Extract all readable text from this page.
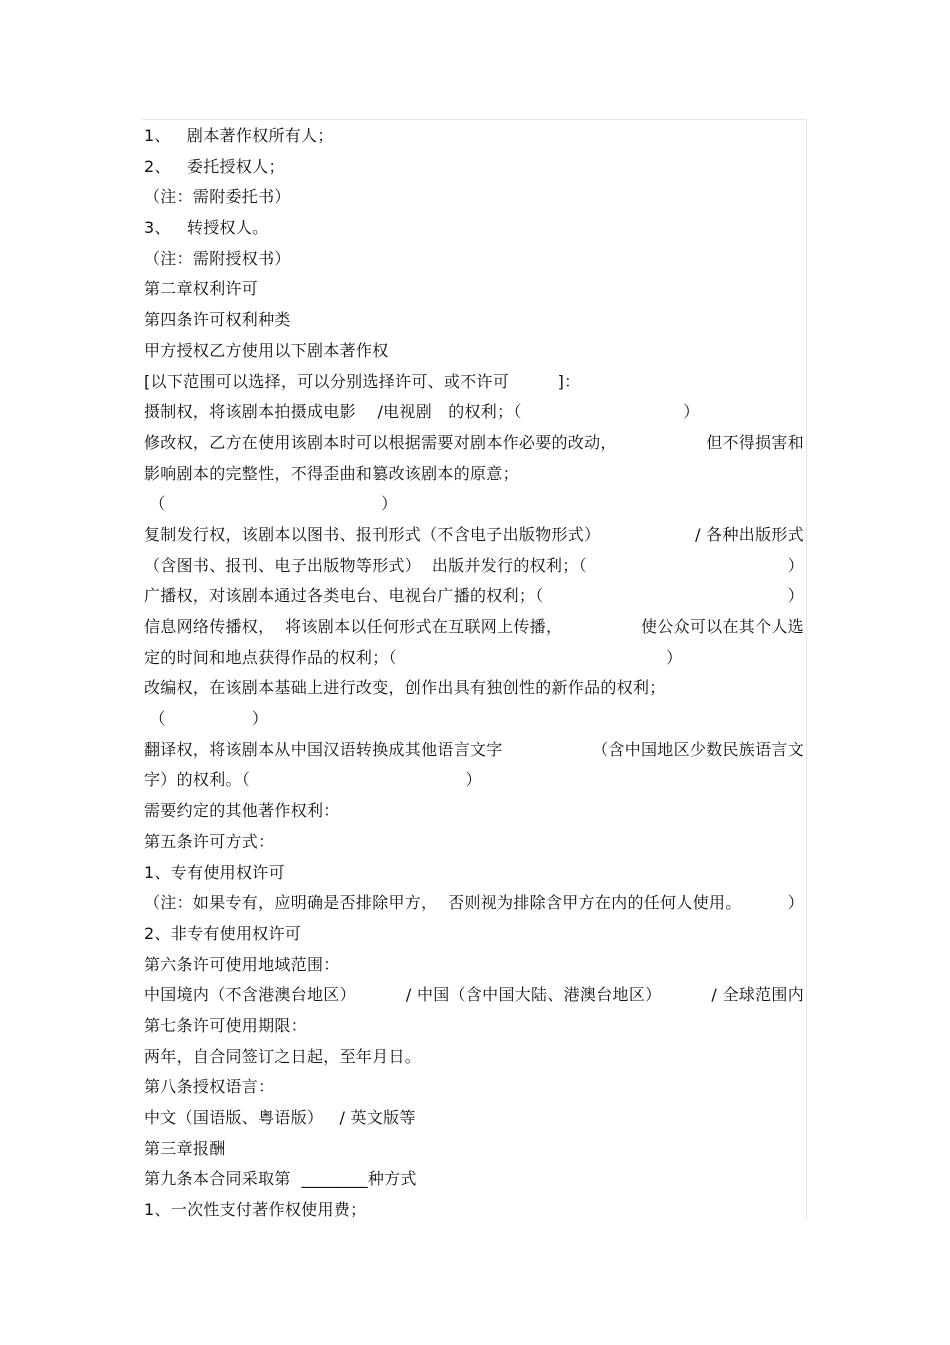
1、   剧本著作权所有人；
2、   委托授权人；
（注：需附委托书）
3、   转授权人。
（注：需附授权书）
第二章权利许可
第四条许可权利种类
甲方授权乙方使用以下剧本著作权
[以下范围可以选择，可以分别选择许可、或不许可         ]：
摄制权，将该剧本拍摄成电影    /电视剧   的权利；（                              ）
修改权，乙方在使用该剧本时可以根据需要对剧本作必要的改动，	但不得损害和
影响剧本的完整性，不得歪曲和篡改该剧本的原意；
（                                        ）
复制发行权，该剧本以图书、报刊形式（不含电子出版物形式）	/ 各种出版形式
（含图书、报刊、电子出版物等形式）  出版并发行的权利；（	）
广播权，对该剧本通过各类电台、电视台广播的权利；（	）
信息网络传播权，  将该剧本以任何形式在互联网上传播，	使公众可以在其个人选
定的时间和地点获得作品的权利；（                                                  ）
改编权，在该剧本基础上进行改变，创作出具有独创性的新作品的权利；
（                ）
翻译权，将该剧本从中国汉语转换成其他语言文字	（含中国地区少数民族语言文
字）的权利。（                                        ）
需要约定的其他著作权利：
第五条许可方式：
1、专有使用权许可
（注：如果专有，应明确是否排除甲方，  否则视为排除含甲方在内的任何人使用。	）
2、非专有使用权许可
第六条许可使用地域范围：
中国境内（不含港澳台地区）	/ 中国（含中国大陆、港澳台地区）	/ 全球范围内
第七条许可使用期限：
两年，自合同签订之日起，至年月日。
第八条授权语言：
中文（国语版、粤语版）   / 英文版等
第三章报酬
第九条本合同采取第  ________种方式
1、一次性支付著作权使用费；
